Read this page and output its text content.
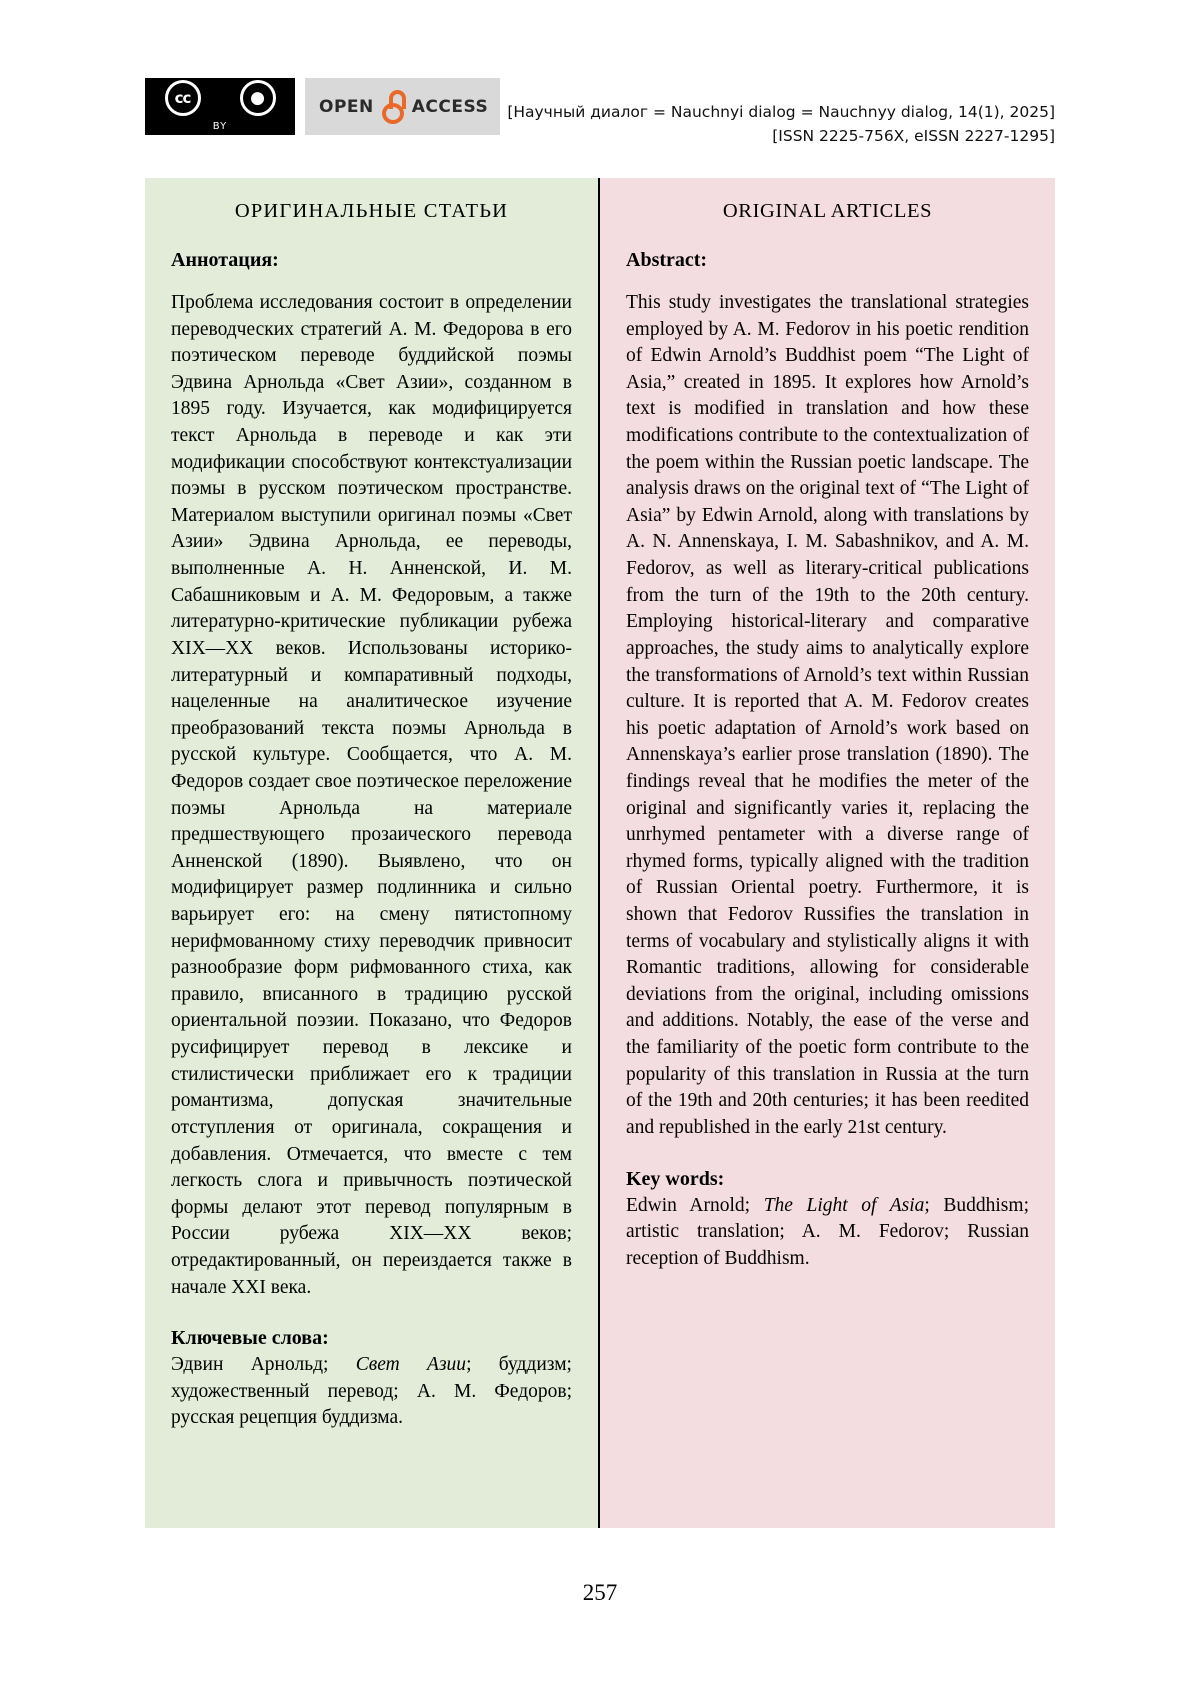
cc	●
BY
OPEN ACCESS [Научный диалог = Nauchnyi dialog = Nauchnyy dialog, 14(1), 2025]
[ISSN 2225-756X, eISSN 2227-1295]
ОРИГИНАЛЬНЫЕ СТАТЬИ
Аннотация:
Проблема исследования состоит в определении переводческих стратегий А. М. Федорова в его поэтическом переводе буддийской поэмы Эдвина Арнольда «Свет Азии», созданном в 1895 году. Изучается, как модифицируется текст Арнольда в переводе и как эти модификации способствуют контекстуализации поэмы в русском поэтическом пространстве. Материалом выступили оригинал поэмы «Свет Азии» Эдвина Арнольда, ее переводы, выполненные А. Н. Анненской, И. М. Сабашниковым и А. М. Федоровым, а также литературно-критические публикации рубежа XIX—XX веков. Использованы историко-литературный и компаративный подходы, нацеленные на аналитическое изучение преобразований текста поэмы Арнольда в русской культуре. Сообщается, что А. М. Федоров создает свое поэтическое переложение поэмы Арнольда на материале предшествующего прозаического перевода Анненской (1890). Выявлено, что он модифицирует размер подлинника и сильно варьирует его: на смену пятистопному нерифмованному стиху переводчик привносит разнообразие форм рифмованного стиха, как правило, вписанного в традицию русской ориентальной поэзии. Показано, что Федоров русифицирует перевод в лексике и стилистически приближает его к традиции романтизма, допуская значительные отступления от оригинала, сокращения и добавления. Отмечается, что вместе с тем легкость слога и привычность поэтической формы делают этот перевод популярным в России рубежа XIX—XX веков; отредактированный, он переиздается также в начале XXI века.
Ключевые слова:
Эдвин Арнольд; Свет Азии; буддизм; художественный перевод; А. М. Федоров; русская рецепция буддизма.
ORIGINAL ARTICLES
Abstract:
This study investigates the translational strategies employed by A. M. Fedorov in his poetic rendition of Edwin Arnold’s Buddhist poem “The Light of Asia,” created in 1895. It explores how Arnold’s text is modified in translation and how these modifications contribute to the contextualization of the poem within the Russian poetic landscape. The analysis draws on the original text of “The Light of Asia” by Edwin Arnold, along with translations by A. N. Annenskaya, I. M. Sabashnikov, and A. M. Fedorov, as well as literary-critical publications from the turn of the 19th to the 20th century. Employing historical-literary and comparative approaches, the study aims to analytically explore the transformations of Arnold’s text within Russian culture. It is reported that A. M. Fedorov creates his poetic adaptation of Arnold’s work based on Annenskaya’s earlier prose translation (1890). The findings reveal that he modifies the meter of the original and significantly varies it, replacing the unrhymed pentameter with a diverse range of rhymed forms, typically aligned with the tradition of Russian Oriental poetry. Furthermore, it is shown that Fedorov Russifies the translation in terms of vocabulary and stylistically aligns it with Romantic traditions, allowing for considerable deviations from the original, including omissions and additions. Notably, the ease of the verse and the familiarity of the poetic form contribute to the popularity of this translation in Russia at the turn of the 19th and 20th centuries; it has been reedited and republished in the early 21st century.
Key words:
Edwin Arnold; The Light of Asia; Buddhism; artistic translation; A. M. Fedorov; Russian reception of Buddhism.
257
